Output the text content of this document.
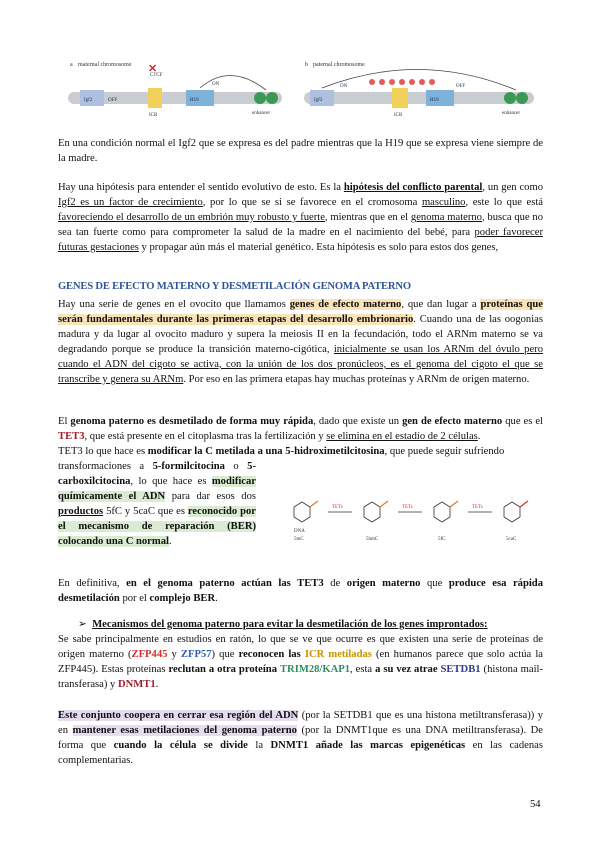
a maternal chromosome
Igf2	OFF
ICR
CTCF
✕
H19
ON
enhancer
b paternal chromosome
Igf2
ON
ICR
H19
OFF
enhancer
En una condición normal el Igf2 que se expresa es del padre mientras que la H19 que se expresa viene siempre de la madre.
Hay una hipótesis para entender el sentido evolutivo de esto. Es la hipótesis del conflicto parental, un gen como Igf2 es un factor de crecimiento, por lo que se si se favorece en el cromosoma masculino, este lo que está favoreciendo el desarrollo de un embrión muy robusto y fuerte, mientras que en el genoma materno, busca que no sea tan fuerte como para comprometer la salud de la madre en el nacimiento del bebé, para poder favorecer futuras gestaciones y propagar aún más el material genético. Esta hipótesis es solo para estos dos genes,
GENES DE EFECTO MATERNO Y DESMETILACIÓN GENOMA PATERNO
Hay una serie de genes en el ovocito que llamamos genes de efecto materno, que dan lugar a proteínas que serán fundamentales durante las primeras etapas del desarrollo embrionario. Cuando una de las oogonias madura y da lugar al ovocito maduro y supera la meiosis II en la fecundación, todo el ARNm materno se va degradando porque se produce la transición materno-cigótica, inicialmente se usan los ARNm del óvulo pero cuando el ADN del cigoto se activa, con la unión de los dos pronúcleos, es el genoma del cigoto el que se transcribe y genera su ARNm. Por eso en las primera etapas hay muchas proteínas y ARNm de origen materno.
El genoma paterno es desmetilado de forma muy rápida, dado que existe un gen de efecto materno que es el TET3, que está presente en el citoplasma tras la fertilización y se elimina en el estadío de 2 células.
TET3 lo que hace es modificar la C metilada a una 5-hidroximetilcitosina, que puede seguir sufriendo
transformaciones a 5-formilcitocina o 5-carboxilcitocina, lo que hace es modificar químicamente el ADN para dar esos dos productos 5fC y 5caC que es reconocido por el mecanismo de reparación (BER) colocando una C normal.
TETs	TETs	TETs
DNA
5mC	5hmC	5fC	5caC
En definitiva, en el genoma paterno actúan las TET3 de origen materno que produce esa rápida desmetilación por el complejo BER.
➢ Mecanismos del genoma paterno para evitar la desmetilación de los genes improntados:
Se sabe principalmente en estudios en ratón, lo que se ve que ocurre es que existen una serie de proteínas de origen materno (ZFP445 y ZFP57) que reconocen las ICR metiladas (en humanos parece que solo actúa la ZFP445). Estas proteínas reclutan a otra proteína TRIM28/KAP1, esta a su vez atrae SETDB1 (histona mail-transferasa) y DNMT1.
Este conjunto coopera en cerrar esa región del ADN (por la SETDB1 que es una histona metiltransferasa)) y en mantener esas metilaciones del genoma paterno (por la DNMT1que es una DNA metiltransferasa). De forma que cuando la célula se divide la DNMT1 añade las marcas epigenéticas en las cadenas complementarias.
54
